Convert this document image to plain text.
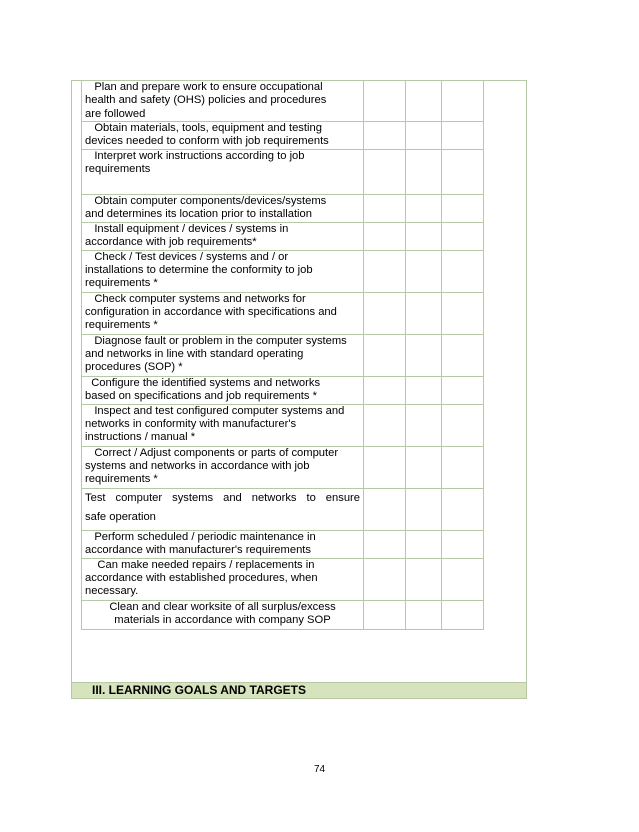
Plan and prepare work to ensure occupational
health and safety (OHS) policies and procedures
are followed			

Obtain materials, tools, equipment and testing
devices needed to conform with job requirements			

Interpret work instructions according to job
requirements			

Obtain computer components/devices/systems
and determines its location prior to installation			

Install equipment / devices / systems in
accordance with job requirements*			

Check / Test devices / systems and / or
installations to determine the conformity to job
requirements *			

Check computer systems and networks for
configuration in accordance with specifications and
requirements *			

Diagnose fault or problem in the computer systems
and networks in line with standard operating
procedures (SOP) *			

Configure the identified systems and networks
based on specifications and job requirements *			

Inspect and test configured computer systems and
networks in conformity with manufacturer's
instructions / manual *			

Correct / Adjust components or parts of computer
systems and networks in accordance with job
requirements *			

Test computer systems and networks to ensure
safe operation			

Perform scheduled / periodic maintenance in
accordance with manufacturer's requirements			

Can make needed repairs / replacements in
accordance with established procedures, when
necessary.			

Clean and clear worksite of all surplus/excess
materials in accordance with company SOP			

III. LEARNING GOALS AND TARGETS
74
